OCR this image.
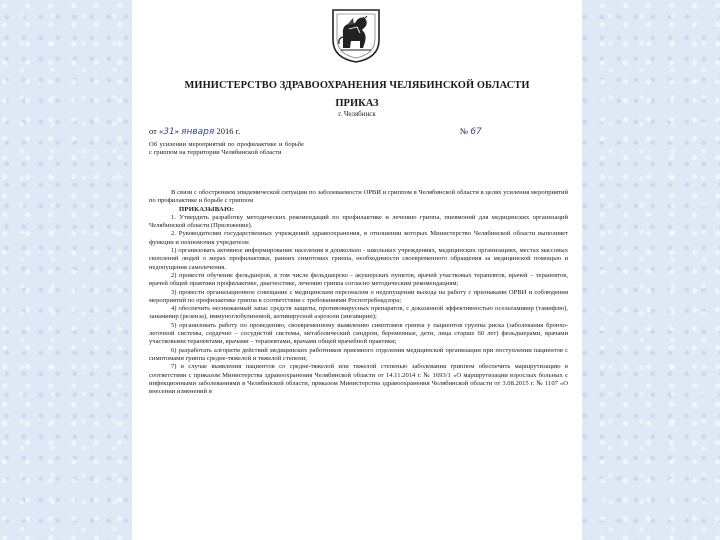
МИНИСТЕРСТВО ЗДРАВООХРАНЕНИЯ ЧЕЛЯБИНСКОЙ ОБЛАСТИ
ПРИКАЗ
г. Челябинск
от «31» января 2016 г.	№ 67
Об усилении мероприятий по профилактике и борьбе с гриппом на территории Челябинской области

В связи с обострением эпидемической ситуации по заболеваемости ОРВИ и гриппом в Челябинской области в целях усиления мероприятий по профилактике и борьбе с гриппом

ПРИКАЗЫВАЮ:

1. Утвердить разработку методических рекомендаций по профилактике и лечению гриппа, пневмоний для медицинских организаций Челябинской области (Приложение).

2. Руководителям государственных учреждений здравоохранения, в отношении которых Министерство Челябинской области выполняет функции и полномочия учредителя:

1) организовать активное информирование населения в дошкольно - школьных учреждениях, медицинских организациях, местах массовых скоплений людей о мерах профилактики, ранних симптомах гриппа, необходимости своевременного обращения за медицинской помощью и недопущения самолечения.

2) провести обучение фельдшеров, в том числе фельдшерско - акушерских пунктов, врачей участковых терапевтов, врачей – терапевтов, врачей общей практики профилактике, диагностике, лечению гриппа согласно методическим рекомендациям;

3) провести организационное совещание с медицинским персоналом о недопущении выхода на работу с признаками ОРВИ и соблюдения мероприятий по профилактике гриппа в соответствии с требованиями Роспотребнадзора;

4) обеспечить неснижаемый запас средств защиты, противовирусных препаратов, с доказанной эффективностью осельтамивир (тамифлю), занамивир (реленза), иммуноглобулиновой, антивирусной аэрозоли (ингавирин);

5) организовать работу по проведению, своевременному выявлению симптомов гриппа у пациентов группы риска (заболевания бронхо-легочной системы, сердечно – сосудистой системы, метаболический синдром, беременные, дети, лица старше 60 лет) фельдшерами, врачами участковыми терапевтами, врачами – терапевтами, врачами общей врачебной практики;

6) разработать алгоритм действий медицинских работников приемного отделения медицинской организации при поступлении пациентов с симптомами гриппа средне-тяжелой и тяжелой степени;

7) в случае выявления пациентов со средне-тяжелой или тяжелой степенью заболевания гриппом обеспечить маршрутизацию в соответствии с приказом Министерства здравоохранения Челябинской области от 14.11.2014 г. № 1693/1 «О маршрутизации взрослых больных с инфекционными заболеваниями в Челябинской области, приказом Министерства здравоохранения Челябинской области от 3.08.2015 г. № 1107 «О внесении изменений в
